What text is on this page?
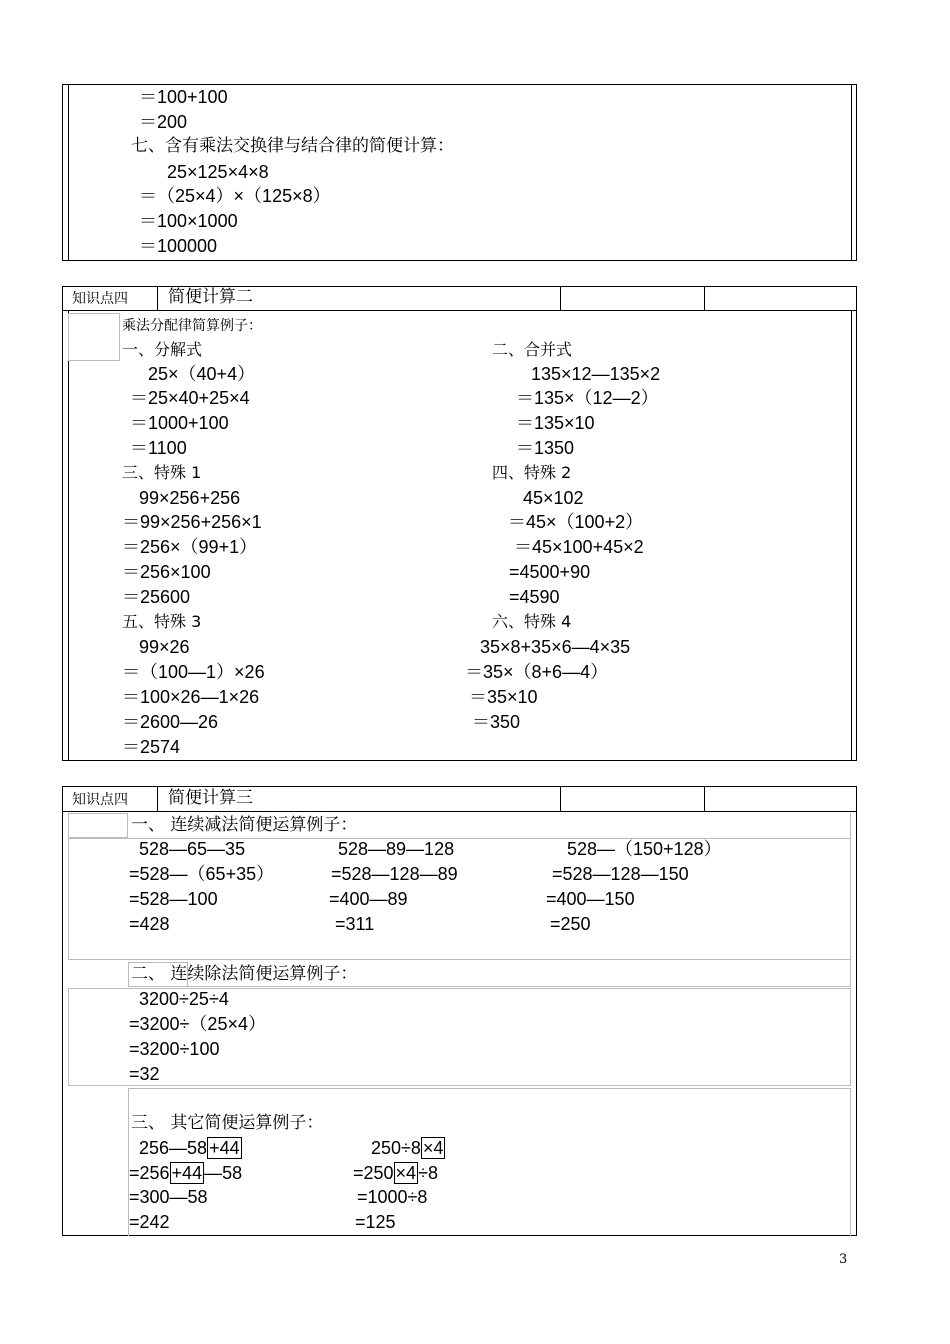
＝100+100
＝200
七、含有乘法交换律与结合律的简便计算：
25×125×4×8
＝（25×4）×（125×8）
＝100×1000
＝100000
知识点四 简便计算二
乘法分配律简算例子：
一、分解式
25×（40+4）
＝25×40+25×4
＝1000+100
＝1100
二、合并式
135×12—135×2
＝135×（12—2）
＝135×10
＝1350
三、特殊 1
99×256+256
＝99×256+256×1
＝256×（99+1）
＝256×100
＝25600
四、特殊 2
45×102
＝45×（100+2）
＝45×100+45×2
=4500+90
=4590
五、特殊 3
99×26
＝（100—1）×26
＝100×26—1×26
＝2600—26
＝2574
六、特殊 4
35×8+35×6—4×35
＝35×（8+6—4）
＝35×10
＝350
知识点四 简便计算三
一、 连续减法简便运算例子：
528—65—35
=528—（65+35）
=528—100
=428
528—89—128
=528—128—89
=400—89
=311
528—（150+128）
=528—128—150
=400—150
=250
二、 连续除法简便运算例子：
3200÷25÷4
=3200÷（25×4）
=3200÷100
=32
三、 其它简便运算例子：
256—58 +44
=256 +44 —58
=300—58
=242
250÷8 ×4
=250 ×4 ÷8
=1000÷8
=125
3
